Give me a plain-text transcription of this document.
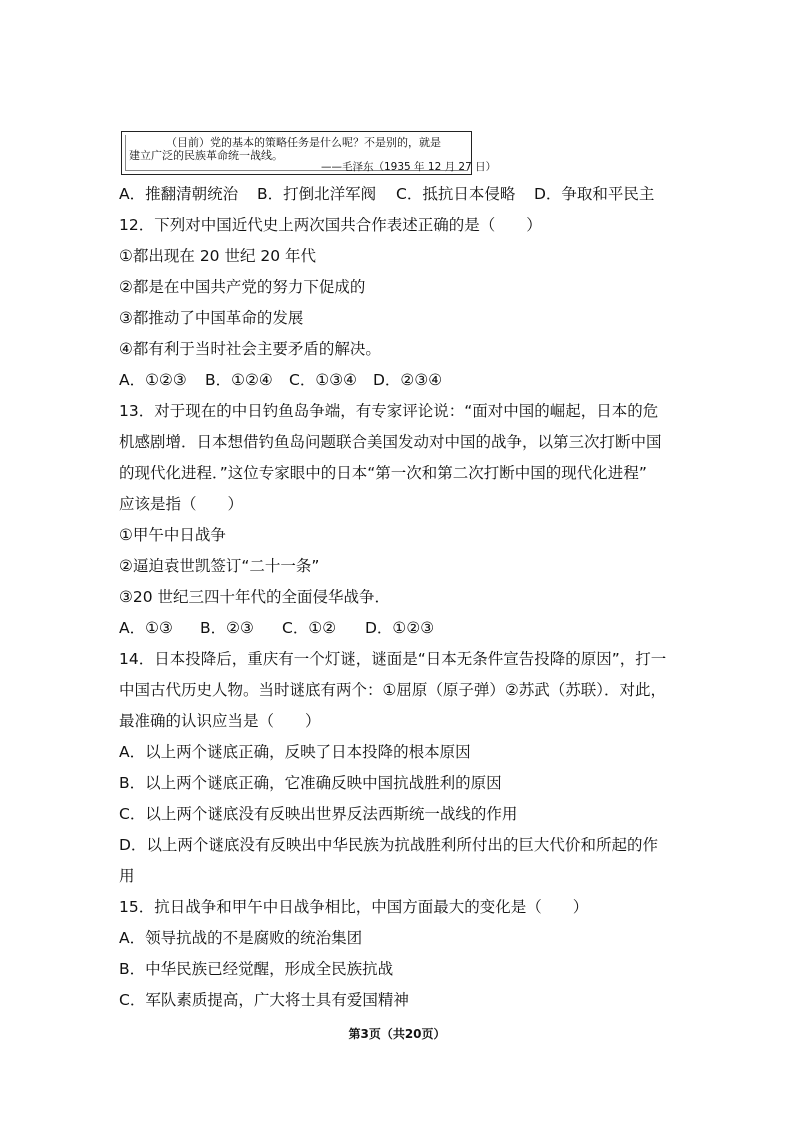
（目前）党的基本的策略任务是什么呢？不是别的，就是
建立广泛的民族革命统一战线。
——毛泽东（1935 年 12 月 27 日）
A．推翻清朝统治 B．打倒北洋军阀 C．抵抗日本侵略 D．争取和平民主
12．下列对中国近代史上两次国共合作表述正确的是（　　）
①都出现在 20 世纪 20 年代
②都是在中国共产党的努力下促成的
③都推动了中国革命的发展
④都有利于当时社会主要矛盾的解决。
A．①②③ B．①②④ C．①③④ D．②③④
13．对于现在的中日钓鱼岛争端，有专家评论说：“面对中国的崛起，日本的危
机感剧增．日本想借钓鱼岛问题联合美国发动对中国的战争，以第三次打断中国
的现代化进程．”这位专家眼中的日本“第一次和第二次打断中国的现代化进程”
应该是指（　　）
①甲午中日战争
②逼迫袁世凯签订“二十一条”
③20 世纪三四十年代的全面侵华战争．
A．①③ B．②③ C．①② D．①②③
14．日本投降后，重庆有一个灯谜，谜面是“日本无条件宣告投降的原因”，打一
中国古代历史人物。当时谜底有两个：①屈原（原子弹）②苏武（苏联）．对此，
最准确的认识应当是（　　）
A．以上两个谜底正确，反映了日本投降的根本原因
B．以上两个谜底正确，它准确反映中国抗战胜利的原因
C．以上两个谜底没有反映出世界反法西斯统一战线的作用
D．以上两个谜底没有反映出中华民族为抗战胜利所付出的巨大代价和所起的作
用
15．抗日战争和甲午中日战争相比，中国方面最大的变化是（　　）
A．领导抗战的不是腐败的统治集团
B．中华民族已经觉醒，形成全民族抗战
C．军队素质提高，广大将士具有爱国精神
第3页（共20页）
